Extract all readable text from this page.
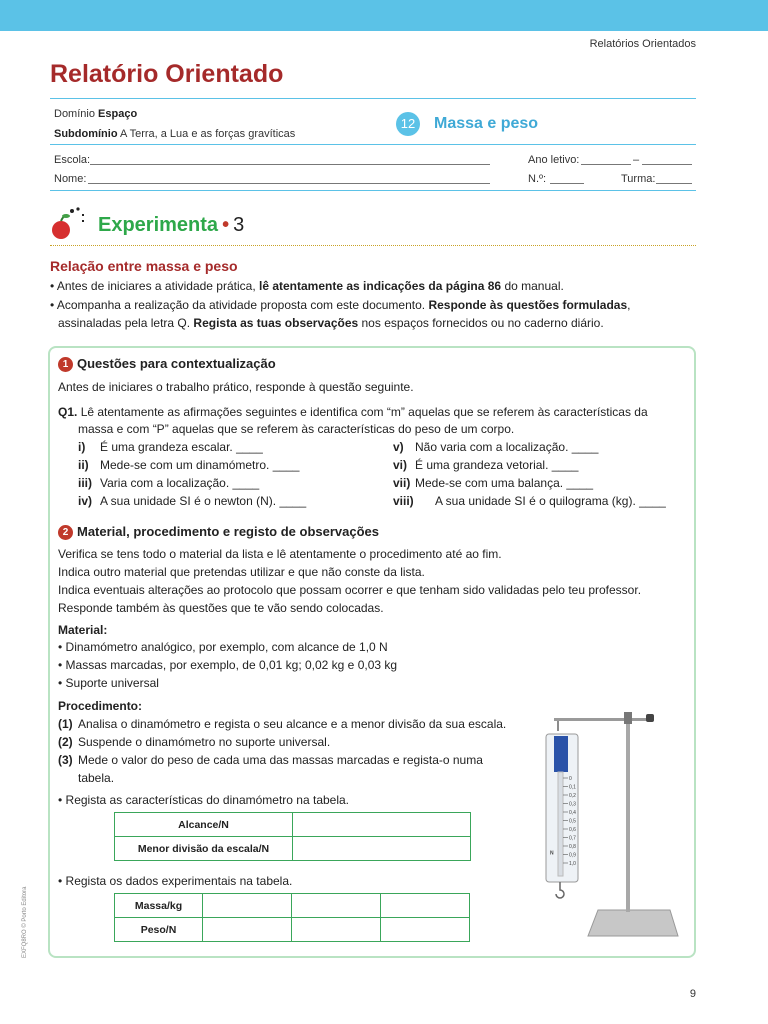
Relatórios Orientados
Relatório Orientado
Domínio Espaço
Subdomínio A Terra, a Lua e as forças gravíticas
12 Massa e peso
Escola:	Ano letivo:	–
Nome:	N.º:	Turma:
Experimenta • 3
Relação entre massa e peso
• Antes de iniciares a atividade prática, lê atentamente as indicações da página 86 do manual.
• Acompanha a realização da atividade proposta com este documento. Responde às questões formuladas,
assinaladas pela letra Q. Regista as tuas observações nos espaços fornecidos ou no caderno diário.
1 Questões para contextualização
Antes de iniciares o trabalho prático, responde à questão seguinte.
Q1. Lê atentamente as afirmações seguintes e identifica com “m” aquelas que se referem às características da
massa e com “P” aquelas que se referem às características do peso de um corpo.
i) É uma grandeza escalar. ____
ii) Mede-se com um dinamómetro. ____
iii) Varia com a localização. ____
iv) A sua unidade SI é o newton (N). ____
v) Não varia com a localização. ____
vi) É uma grandeza vetorial. ____
vii) Mede-se com uma balança. ____
viii) A sua unidade SI é o quilograma (kg). ____
2 Material, procedimento e registo de observações
Verifica se tens todo o material da lista e lê atentamente o procedimento até ao fim.
Indica outro material que pretendas utilizar e que não conste da lista.
Indica eventuais alterações ao protocolo que possam ocorrer e que tenham sido validadas pelo teu professor.
Responde também às questões que te vão sendo colocadas.
Material:
• Dinamómetro analógico, por exemplo, com alcance de 1,0 N
• Massas marcadas, por exemplo, de 0,01 kg; 0,02 kg e 0,03 kg
• Suporte universal
Procedimento:
(1) Analisa o dinamómetro e regista o seu alcance e a menor divisão da sua escala.
(2) Suspende o dinamómetro no suporte universal.
(3) Mede o valor do peso de cada uma das massas marcadas e regista-o numa
tabela.
• Regista as características do dinamómetro na tabela.
Alcance/N	
Menor divisão da escala/N	
• Regista os dados experimentais na tabela.
Massa/kg			
Peso/N			
0
0,1
0,2
0,3
0,4
0,5
0,6
0,7
0,8
0,9
1,0
N
EXFQ8RO © Porto Editora
9
